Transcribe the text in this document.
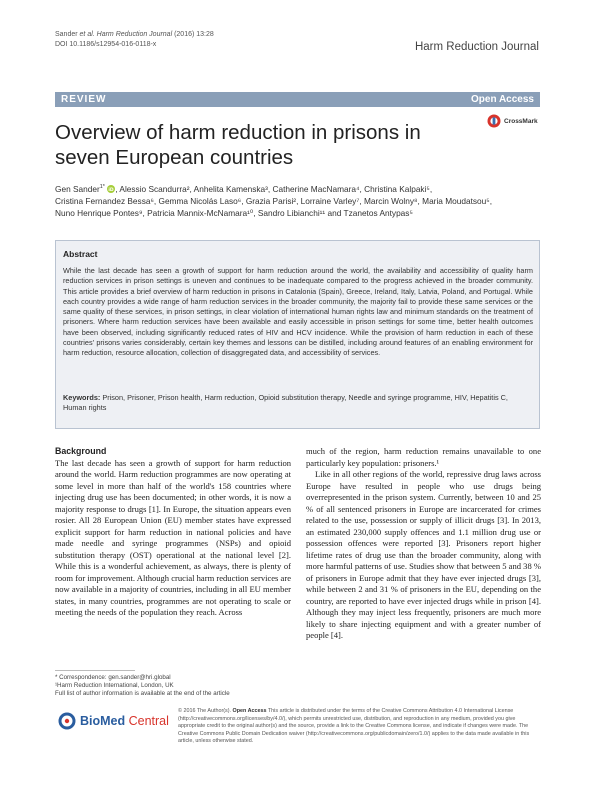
Sander et al. Harm Reduction Journal (2016) 13:28
DOI 10.1186/s12954-016-0118-x	Harm Reduction Journal
REVIEW	Open Access
Overview of harm reduction in prisons in
seven European countries
CrossMark
Gen Sander$^{1*}$
iD , Alessio Scandurra², Anhelita Kamenska³, Catherine MacNamara⁴, Christina Kalpaki⁵,
Cristina Fernandez Bessa⁶, Gemma Nicolás Laso⁶, Grazia Parisi², Lorraine Varley⁷, Marcin Wolny⁸, Maria Moudatsou⁵,
Nuno Henrique Pontes⁹, Patricia Mannix-McNamara¹⁰, Sandro Libianchi¹¹ and Tzanetos Antypas⁵
Abstract
While the last decade has seen a growth of support for harm reduction around the world, the availability and accessibility of quality harm reduction services in prison settings is uneven and continues to be inadequate compared to the progress achieved in the broader community. This article provides a brief overview of harm reduction in prisons in Catalonia (Spain), Greece, Ireland, Italy, Latvia, Poland, and Portugal. While each country provides a wide range of harm reduction services in the broader community, the majority fail to provide these same services or the same quality of these services, in prison settings, in clear violation of international human rights law and minimum standards on the treatment of prisoners. Where harm reduction services have been available and easily accessible in prison settings for some time, better health outcomes have been observed, including significantly reduced rates of HIV and HCV incidence. While the provision of harm reduction in each of these countries' prisons varies considerably, certain key themes and lessons can be distilled, including around features of an enabling environment for harm reduction, resource allocation, collection of disaggregated data, and accessibility of services.
Keywords: Prison, Prisoner, Prison health, Harm reduction, Opioid substitution therapy, Needle and syringe programme, HIV, Hepatitis C, Human rights
Background

The last decade has seen a growth of support for harm reduction around the world. Harm reduction programmes are now operating at some level in more than half of the world's 158 countries where injecting drug use has been documented; in other words, it is now a majority response to drugs [1]. In Europe, the situation appears even rosier. All 28 European Union (EU) member states have expressed explicit support for harm reduction in national policies and have made needle and syringe programmes (NSPs) and opioid substitution therapy (OST) operational at the national level [2]. While this is a wonderful achievement, as always, there is plenty of room for improvement. Although crucial harm reduction services are now available in a majority of countries, including in all EU member states, in many countries, programmes are not operating to scale or meeting the needs of the population they reach. Across

much of the region, harm reduction remains unavailable to one particularly key population: prisoners.¹

Like in all other regions of the world, repressive drug laws across Europe have resulted in people who use drugs being overrepresented in the prison system. Currently, between 10 and 25 % of all sentenced prisoners in Europe are incarcerated for crimes related to the use, possession or supply of illicit drugs [3]. In 2013, an estimated 230,000 supply offences and 1.1 million drug use or possession offences were reported [3]. Prisoners report higher lifetime rates of drug use than the broader community, along with more harmful patterns of use. Studies show that between 5 and 38 % of prisoners in Europe admit that they have ever injected drugs [3], while between 2 and 31 % of prisoners in the EU, depending on the country, are reported to have ever injected drugs while in prison [4]. Although they may inject less frequently, prisoners are much more likely to share injecting equipment and with a greater number of people [4].

* Correspondence: gen.sander@hri.global
¹Harm Reduction International, London, UK
Full list of author information is available at the end of the article
BioMed Central
© 2016 The Author(s). Open Access This article is distributed under the terms of the Creative Commons Attribution 4.0 International License (http://creativecommons.org/licenses/by/4.0/), which permits unrestricted use, distribution, and reproduction in any medium, provided you give appropriate credit to the original author(s) and the source, provide a link to the Creative Commons license, and indicate if changes were made. The Creative Commons Public Domain Dedication waiver (http://creativecommons.org/publicdomain/zero/1.0/) applies to the data made available in this article, unless otherwise stated.
